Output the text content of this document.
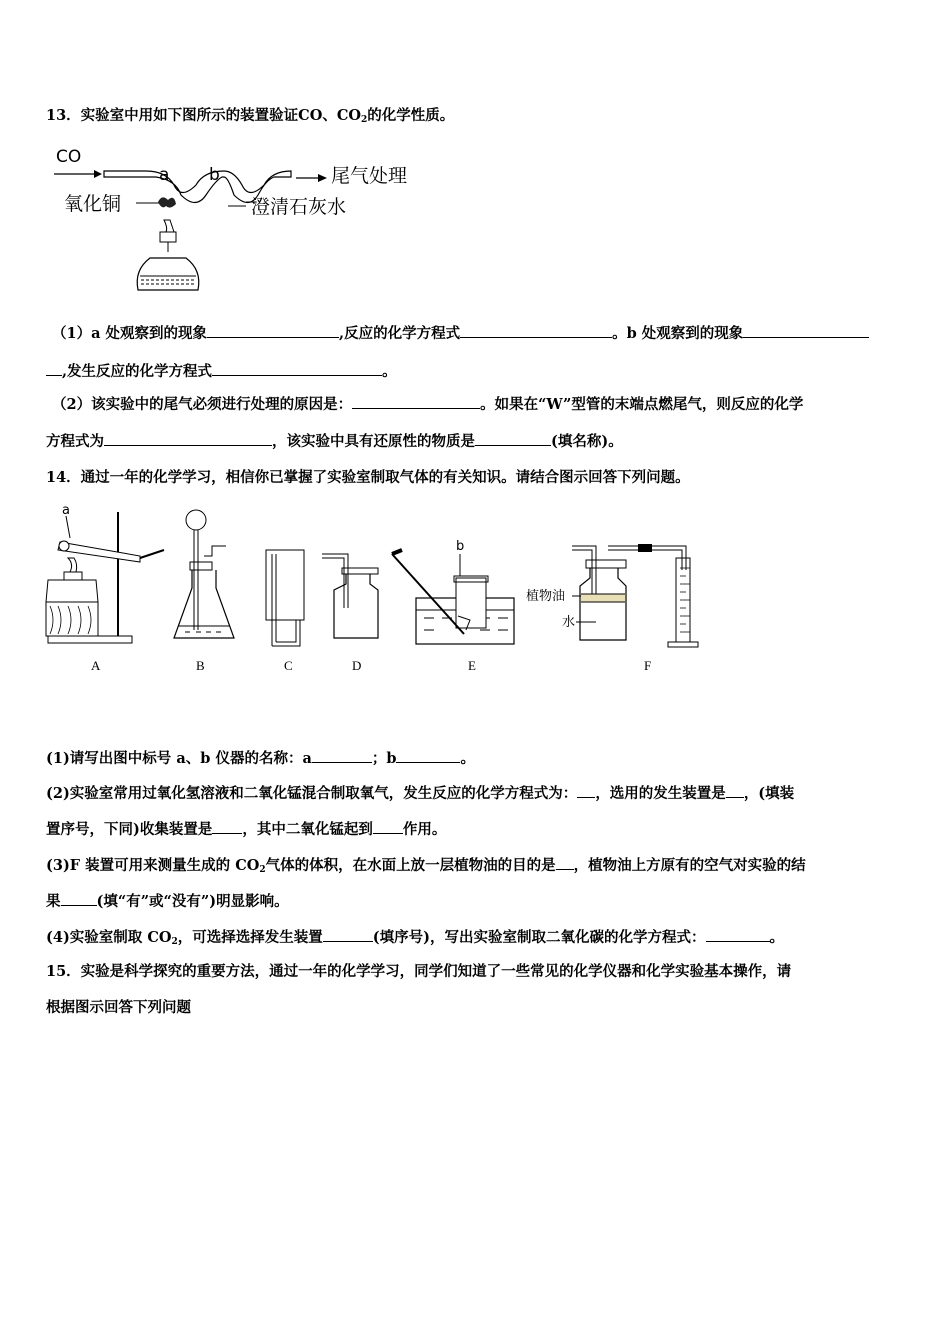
13．实验室中用如下图所示的装置验证CO、$CO_2$的化学性质。
CO
a b	尾气处理
氧化铜	澄清石灰水
（1）a 处观察到的现象	,反应的化学方程式	。b 处观察到的现象
,发生反应的化学方程式	。
（2）该实验中的尾气必须进行处理的原因是：	。如果在“W”型管的末端点燃尾气，则反应的化学
方程式为	，该实验中具有还原性的物质是	(填名称)。
14．通过一年的化学学习，相信你已掌握了实验室制取气体的有关知识。请结合图示回答下列问题。
a
b
植物油
水
A	B	C	D	E	F
(1)请写出图中标号 a、b 仪器的名称：a	；b	。
(2)实验室常用过氧化氢溶液和二氧化锰混合制取氧气，发生反应的化学方程式为： ，选用的发生装置是 ，(填装
置序号，下同)收集装置是 ，其中二氧化锰起到 作用。
(3)F 装置可用来测量生成的 $CO_2$气体的体积，在水面上放一层植物油的目的是 ，植物油上方原有的空气对实验的结
果 (填“有”或“没有”)明显影响。
(4)实验室制取 $CO_2$，可选择选择发生装置	(填序号)，写出实验室制取二氧化碳的化学方程式：	。
15．实验是科学探究的重要方法，通过一年的化学学习，同学们知道了一些常见的化学仪器和化学实验基本操作，请
根据图示回答下列问题
